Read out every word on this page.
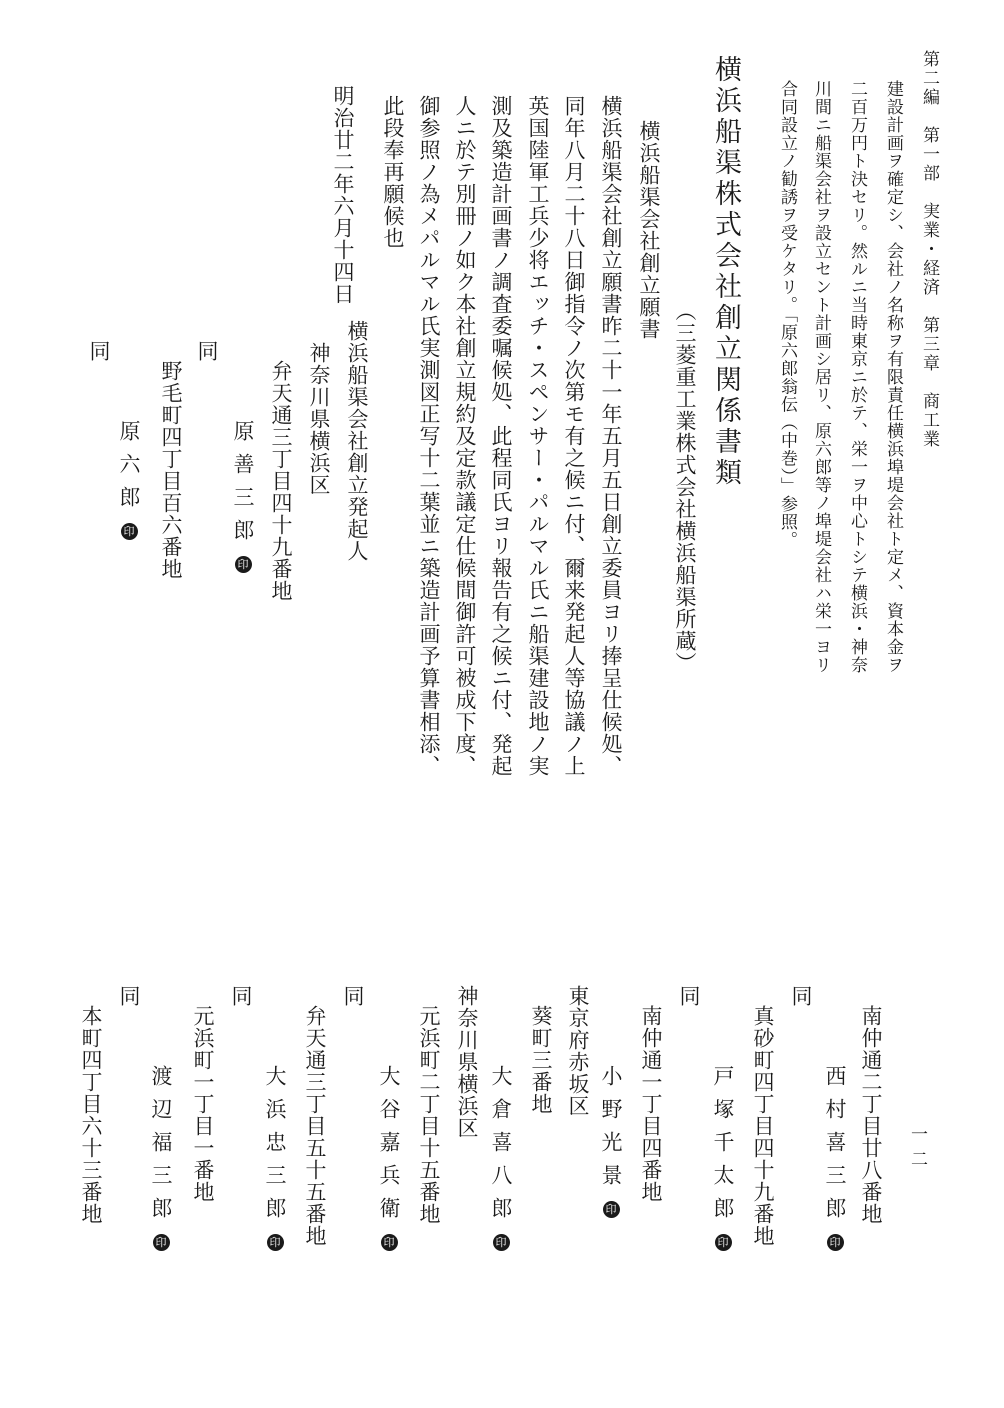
第二編　第一部　実業・経済　第三章　商工業
一二
建設計画ヲ確定シ、会社ノ名称ヲ有限責任横浜埠堤会社ト定メ、資本金ヲ
二百万円ト決セリ。然ルニ当時東京ニ於テ、栄一ヲ中心トシテ横浜・神奈
川間ニ船渠会社ヲ設立セント計画シ居リ、原六郎等ノ埠堤会社ハ栄一ヨリ
合同設立ノ勧誘ヲ受ケタリ。「原六郎翁伝（中巻）」参照。
横浜船渠株式会社創立関係書類
（三菱重工業株式会社横浜船渠所蔵）
横浜船渠会社創立願書
横浜船渠会社創立願書昨二十一年五月五日創立委員ヨリ捧呈仕候処、
同年八月二十八日御指令ノ次第モ有之候ニ付、爾来発起人等協議ノ上
英国陸軍工兵少将エッチ・スペンサー・パルマル氏ニ船渠建設地ノ実
測及築造計画書ノ調査委嘱候処、此程同氏ヨリ報告有之候ニ付、発起
人ニ於テ別冊ノ如ク本社創立規約及定款議定仕候間御許可被成下度、
御参照ノ為メパルマル氏実測図正写十二葉並ニ築造計画予算書相添、
此段奉再願候也
明治廿二年六月十四日
横浜船渠会社創立発起人
神奈川県横浜区
弁天通三丁目四十九番地
原善三郎印
同
野毛町四丁目百六番地
原六郎印
同
南仲通二丁目廿八番地
西村喜三郎印
同
真砂町四丁目四十九番地
戸塚千太郎印
同
南仲通一丁目四番地
小野光景印
東京府赤坂区
葵町三番地
大倉喜八郎印
神奈川県横浜区
元浜町二丁目十五番地
大谷嘉兵衛印
同
弁天通三丁目五十五番地
大浜忠三郎印
同
元浜町一丁目一番地
渡辺福三郎印
同
本町四丁目六十三番地
